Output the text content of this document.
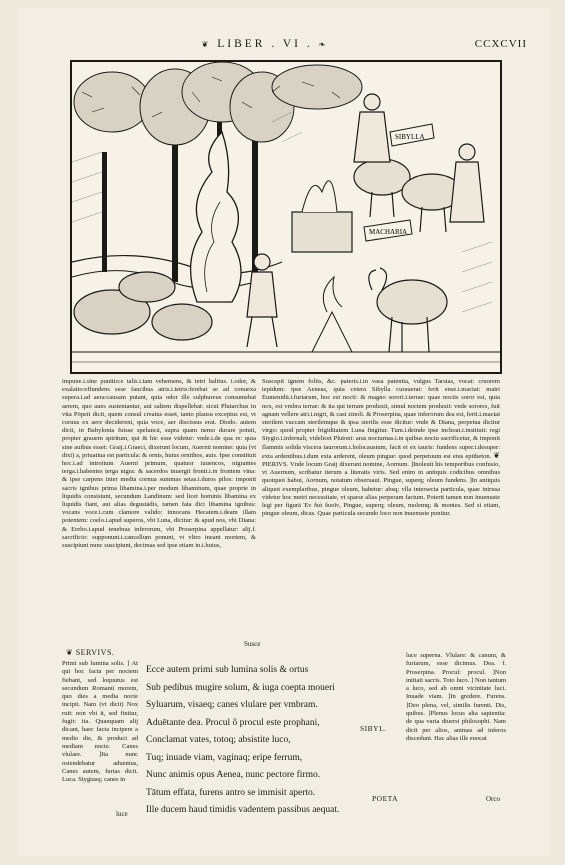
❦ LIBER . VI . ❧	CCXCVII
SIBYLLA
MACHARIA
impune.i.sine punitio:e talis.i.tam vehemens, & tetri halitus. i.odor, & exalatio:effundens sese faucibus atris.i.tetris:ferebat se ad conuexa supera.i.ad aera:causam putant, quia odor ille sulphureus consumebat aerem, quo aues sustentantur, aut saltem dispellebat: sicut Plutarchus in vita Pōpeii dicit, quem consul creatus esset, tanto plausu exceptus est, vt coruus ex aere deciderent, quia voce, aer discissus erat. Diodo. autem dicit, in Babylonia fuisse speluncā, supra quam nemo durare potuit, propter grauem spiritum, qui & hic esse videtur: vnde.i.de qua re: quia sine auibus esset: Graij.i.Graeci, dixerunt locum, Auernū nomine: quia (vt dixi) a, priuatiua est particula: & ornis, huius ornithos, auis. Ipse constituit hoc.i.ad introitum Auerni primum, quatuor iuuencos, nigrantes terga.i.habentes terga nigra: & sacerdos inuergit fronti.i.in frontem vina: & ipse carpens inter media cornua summas setas.i.duros pilos: imponit sacris ignibus prima libamina.i.per modum libaminum, quae proprie in liquidis consistunt, secundum Landinum: sed licet hominis libamina ex liquidis fiant, aut alias degustādis, tamen fata dici libamina ignibus: vocans voce.i.cum clamore valido: innocans Hecatem.i.deam illam potentem: coelo.i.apud superos, vbi Luna, dicitur: & apud nos, vbi Diana: & Erebo.i.apud tenebras inferorum, vbi Proserpina appellatur: alij.f. sacrificio: supponunt.i.cancellum ponunt, vt vltro ineant mortem, & suscipiunt nunc suscipiunt, decimas sed ipse etiam in.i.huius,
Suscepit ignem foliis, &c. pateris.i.in vasa patentia, vulgus Tarsias, vocat: cruorem tepidum: ipse Aeneas, quia cetera Sibylla curauerat: ferit ense.i.mactat: matri Eumenidū.i.furiarum, hoc est nocti: & magno sorori.i.terrae: quae noctis soror est, quia nox, est vmbra terrae: & ita qui terram produxit, simul noctem produxit: vnde sorores, fuit agnam vellere atri.i.nigri, & casi zinoli. & Proserpina, quae inferorum dea est, ferit.i.mactat sterilem vaccam sterilemque & ipsa sterilis esse dicitur: vnde & Diana, perpetua dicitur virgo: quod propter frigiditatem Luna fingitur. Tum.i.deinde ipse inchoat.i.instituit: regi Stygio.i.infernali, videlicet Plutoni: aras nocturnas.i.in quibus noctu sacrificetur, & imponit flammis solida viscera taurorum.i.holocaustum, facit ei ex tauris: fundens super.i.desuper: exta ardentibus.i.dum exta arderent, oleum pingue: quod perpetuum est eius epitheton. ❦ PIERIVS. Vnde locum Graij dixerunt nomine, Aornum. ]Inoleuit his temporibus confusio, vt Auernum, scribatur iterum a literatis viris. Sed enim in antiquis codicibus omnibus quotquot habui, Aornum, notatum obseruaui. Pingue, superq; oleum fundens. ]In antiquis aliquot exemplaribus, pingue oleum, habetur: absq; vlla intersecta particula, quae intrusa videtur hoc metri necessitate, vt sparse alias perperam factum. Poterit tamen non inuenuste legi per figurā Ἐν διὰ δυοῖν, Pingue, superq; oleum, molemq; & montes. Sed si etiam, pingue oleum, dicas. Quae particula secundo loco non inuenuste ponitur.
Susce
❦ SERVIVS.
Primi sub lumina solis. ] At qui hoc facta per noctem fiebant, sed loquutus est secundum Romanū morem, quo dies a media nocte incipit. Nam (vt dicit) Nox ruit: non vbi it, sed finitur, fugit: ita. Quanquam alij dicant, haec facta incipere a medio die, & produci ad mediam nocte. Canes vlulare. ]Ita nunc ostendebatur aduentus, Canes autem, furias dicit. Luca. Stygiasq; canes in
luce
Ecce autem primi sub lumina solis & ortus
Sub pedibus mugire solum, & iuga coepta moueri
Syluarum, visaeq; canes vlulare per vmbram.
Aduētante dea. Procul ô procul este prophani,
Conclamat vates, totoq; absistite luco,
Tuq; inuade viam, vaginaq; eripe ferrum,
Nunc animis opus Aenea, nunc pectore firmo.
Tātum effata, furens antro se immisit aperto.
Ille ducem haud timidis vadentem passibus aequat.
SIBYL.
POETA
luce superna. Vlulare: & canum, & furiarum, esse dicimus. Dea. f. Proserpina. Procul: procul. ]Non initiati sacris. Toto luco. ] Non tantum a luco, sed ab omni vicinitate luci. Inuade viam. ]In gredere. Furens. ]Deo plena, vel, similis furenti. Dis, quibus. ]Plenus locus alta sapientia: de qua varia diuersi philosophi. Nam dicit per alios, animas ad inferos discedunt. Hac alias ille euocat
Orco
